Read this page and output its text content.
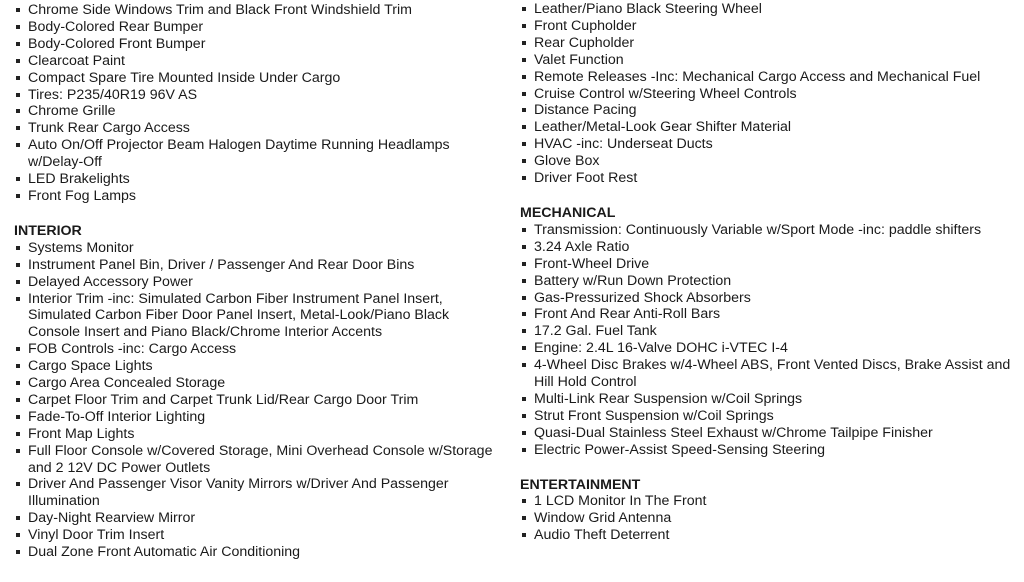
Chrome Side Windows Trim and Black Front Windshield Trim
Body-Colored Rear Bumper
Body-Colored Front Bumper
Clearcoat Paint
Compact Spare Tire Mounted Inside Under Cargo
Tires: P235/40R19 96V AS
Chrome Grille
Trunk Rear Cargo Access
Auto On/Off Projector Beam Halogen Daytime Running Headlamps w/Delay-Off
LED Brakelights
Front Fog Lamps
INTERIOR
Systems Monitor
Instrument Panel Bin, Driver / Passenger And Rear Door Bins
Delayed Accessory Power
Interior Trim -inc: Simulated Carbon Fiber Instrument Panel Insert, Simulated Carbon Fiber Door Panel Insert, Metal-Look/Piano Black Console Insert and Piano Black/Chrome Interior Accents
FOB Controls -inc: Cargo Access
Cargo Space Lights
Cargo Area Concealed Storage
Carpet Floor Trim and Carpet Trunk Lid/Rear Cargo Door Trim
Fade-To-Off Interior Lighting
Front Map Lights
Full Floor Console w/Covered Storage, Mini Overhead Console w/Storage and 2 12V DC Power Outlets
Driver And Passenger Visor Vanity Mirrors w/Driver And Passenger Illumination
Day-Night Rearview Mirror
Vinyl Door Trim Insert
Dual Zone Front Automatic Air Conditioning
Leather/Piano Black Steering Wheel
Front Cupholder
Rear Cupholder
Valet Function
Remote Releases -Inc: Mechanical Cargo Access and Mechanical Fuel
Cruise Control w/Steering Wheel Controls
Distance Pacing
Leather/Metal-Look Gear Shifter Material
HVAC -inc: Underseat Ducts
Glove Box
Driver Foot Rest
MECHANICAL
Transmission: Continuously Variable w/Sport Mode -inc: paddle shifters
3.24 Axle Ratio
Front-Wheel Drive
Battery w/Run Down Protection
Gas-Pressurized Shock Absorbers
Front And Rear Anti-Roll Bars
17.2 Gal. Fuel Tank
Engine: 2.4L 16-Valve DOHC i-VTEC I-4
4-Wheel Disc Brakes w/4-Wheel ABS, Front Vented Discs, Brake Assist and Hill Hold Control
Multi-Link Rear Suspension w/Coil Springs
Strut Front Suspension w/Coil Springs
Quasi-Dual Stainless Steel Exhaust w/Chrome Tailpipe Finisher
Electric Power-Assist Speed-Sensing Steering
ENTERTAINMENT
1 LCD Monitor In The Front
Window Grid Antenna
Audio Theft Deterrent
